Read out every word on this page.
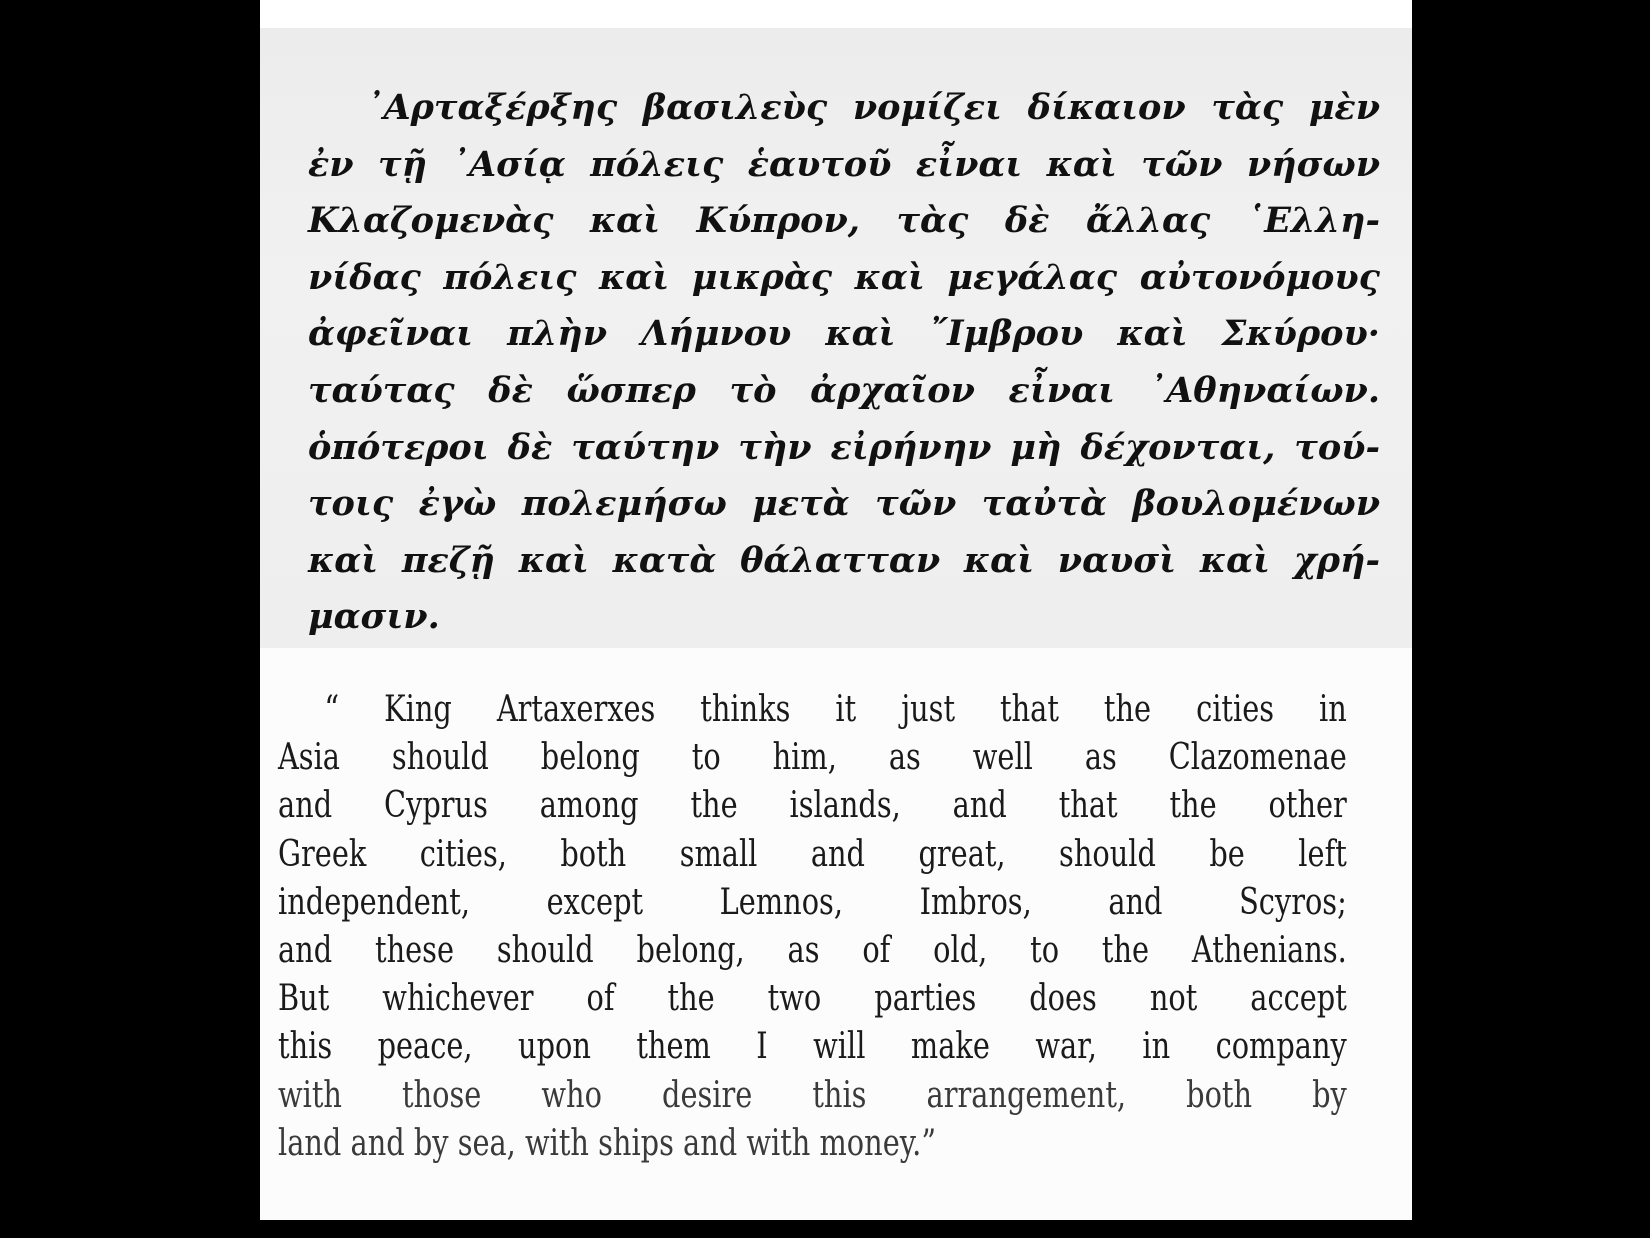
᾿Αρταξέρξης βασιλεὺς νομίζει δίκαιον τὰς μὲν
ἐν τῇ ᾿Ασίᾳ πόλεις ἑαυτοῦ εἶναι καὶ τῶν νήσων
Κλαζομενὰς καὶ Κύπρον, τὰς δὲ ἄλλας ῾Ελλη-
νίδας πόλεις καὶ μικρὰς καὶ μεγάλας αὐτονόμους
ἀφεῖναι πλὴν Λήμνου καὶ ῎Ιμβρου καὶ Σκύρου·
ταύτας δὲ ὥσπερ τὸ ἀρχαῖον εἶναι ᾿Αθηναίων.
ὁπότεροι δὲ ταύτην τὴν εἰρήνην μὴ δέχονται, τού-
τοις ἐγὼ πολεμήσω μετὰ τῶν ταὐτὰ βουλομένων
καὶ πεζῇ καὶ κατὰ θάλατταν καὶ ναυσὶ καὶ χρή-
μασιν.

“ King Artaxerxes thinks it just that the cities in
Asia should belong to him, as well as Clazomenae
and Cyprus among the islands, and that the other
Greek cities, both small and great, should be left
independent, except Lemnos, Imbros, and Scyros;
and these should belong, as of old, to the Athenians.
But whichever of the two parties does not accept
this peace, upon them I will make war, in company
with those who desire this arrangement, both by
land and by sea, with ships and with money.”
